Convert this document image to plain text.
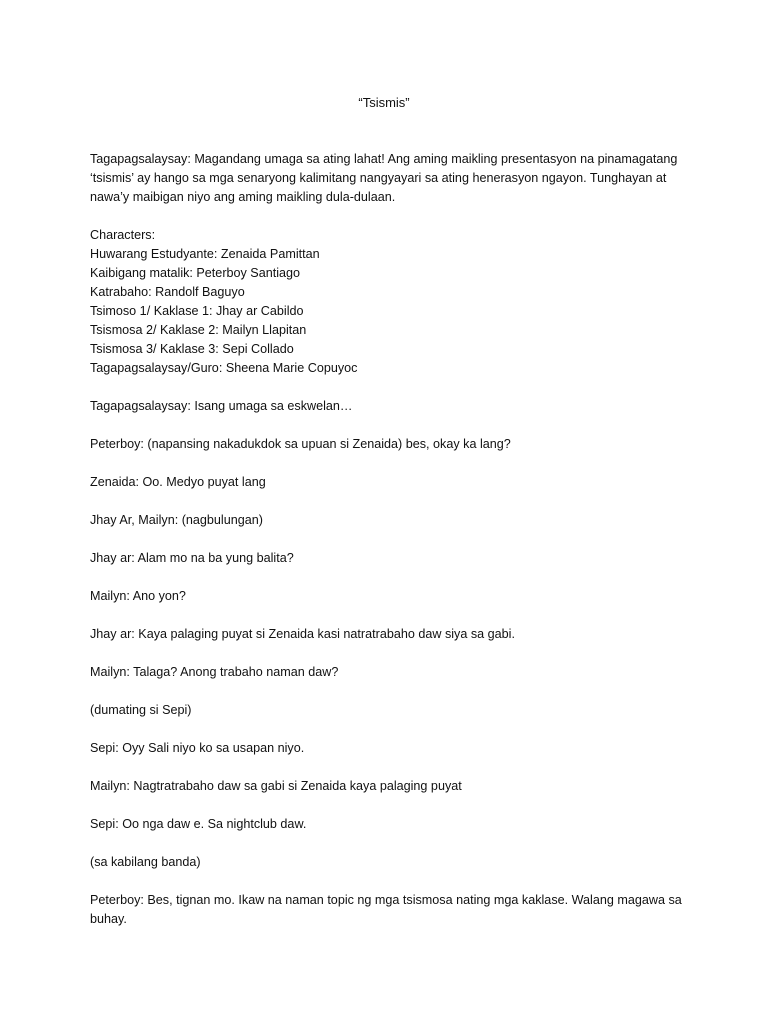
“Tsismis”

Tagapagsalaysay: Magandang umaga sa ating lahat! Ang aming maikling presentasyon na pinamagatang ‘tsismis’ ay hango sa mga senaryong kalimitang nangyayari sa ating henerasyon ngayon. Tunghayan at nawa’y maibigan niyo ang aming maikling dula-dulaan.

Characters:
Huwarang Estudyante: Zenaida Pamittan
Kaibigang matalik: Peterboy Santiago
Katrabaho: Randolf Baguyo
Tsimoso 1/ Kaklase 1: Jhay ar Cabildo
Tsismosa 2/ Kaklase 2: Mailyn Llapitan
Tsismosa 3/ Kaklase 3: Sepi Collado
Tagapagsalaysay/Guro: Sheena Marie Copuyoc

Tagapagsalaysay: Isang umaga sa eskwelan…

Peterboy: (napansing nakadukdok sa upuan si Zenaida) bes, okay ka lang?

Zenaida: Oo. Medyo puyat lang

Jhay Ar, Mailyn: (nagbulungan)

Jhay ar: Alam mo na ba yung balita?

Mailyn: Ano yon?

Jhay ar: Kaya palaging puyat si Zenaida kasi natratrabaho daw siya sa gabi.

Mailyn: Talaga? Anong trabaho naman daw?

(dumating si Sepi)

Sepi: Oyy Sali niyo ko sa usapan niyo.

Mailyn: Nagtratrabaho daw sa gabi si Zenaida kaya palaging puyat

Sepi: Oo nga daw e. Sa nightclub daw.

(sa kabilang banda)

Peterboy: Bes, tignan mo. Ikaw na naman topic ng mga tsismosa nating mga kaklase. Walang magawa sa buhay.
